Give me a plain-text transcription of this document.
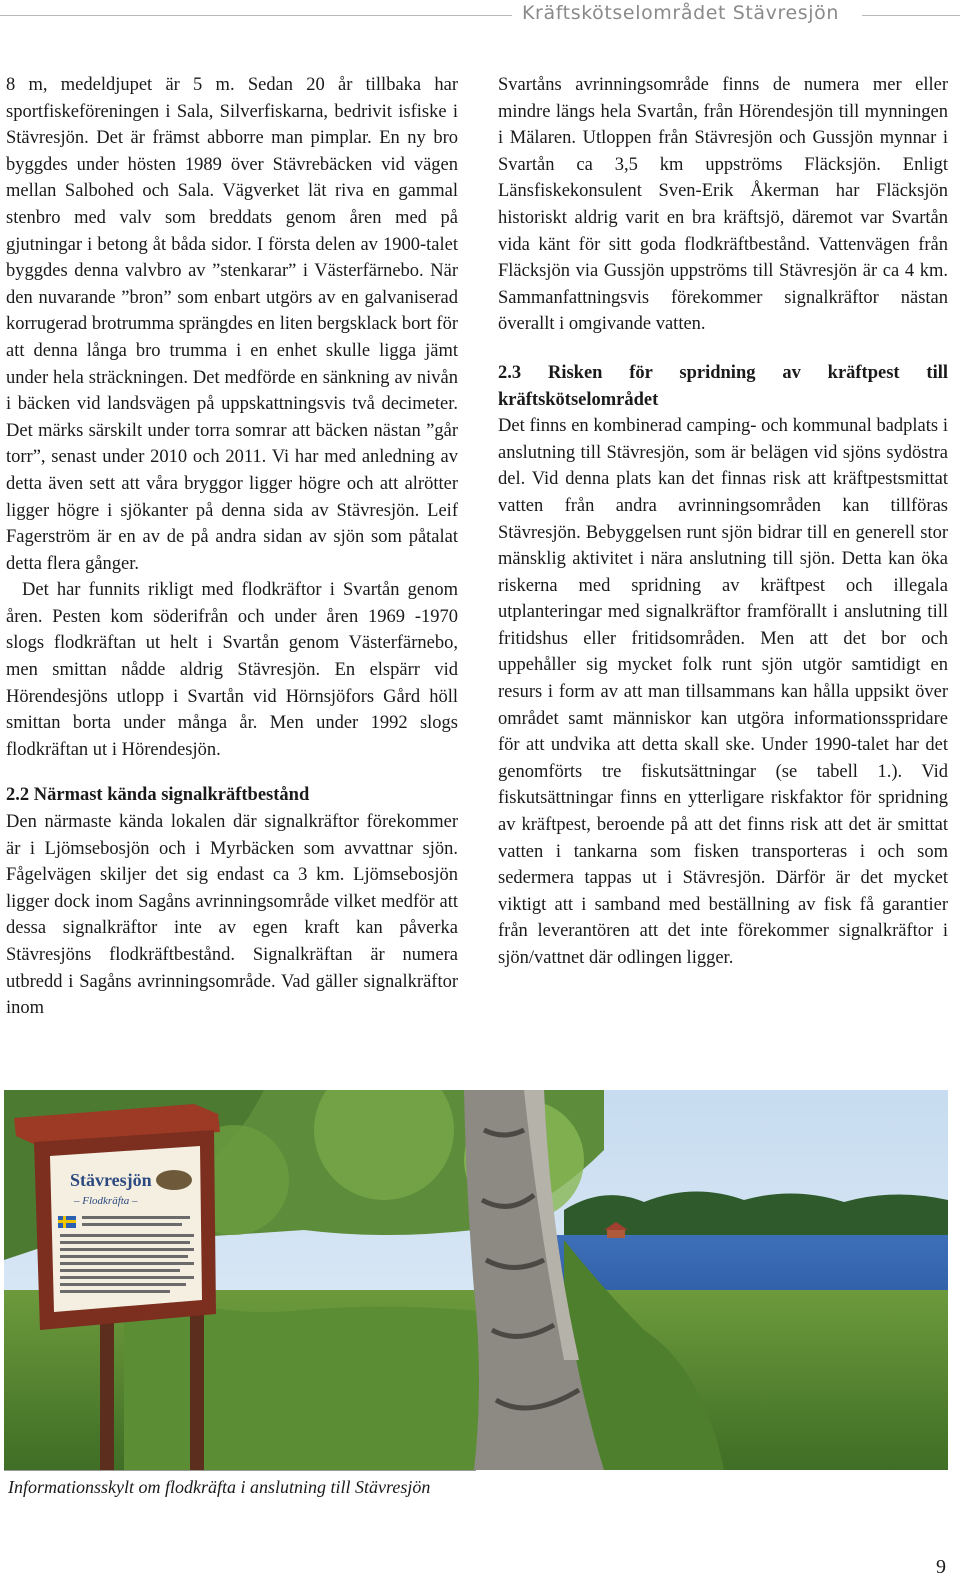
Kräftskötselområdet Stävresjön

8 m, medeldjupet är 5 m. Sedan 20 år tillbaka har sportfiskeföreningen i Sala, Silverfiskarna, bedrivit isfiske i Stävresjön. Det är främst abborre man pimplar. En ny bro byggdes under hösten 1989 över Stävrebäcken vid vägen mellan Salbohed och Sala. Vägverket lät riva en gammal stenbro med valv som breddats genom åren med på gjutningar i betong åt båda sidor. I första delen av 1900-talet byggdes denna valvbro av ”stenkarar” i Västerfärnebo. När den nuvarande ”bron” som enbart utgörs av en galvaniserad korrugerad brotrumma sprängdes en liten bergsklack bort för att denna långa bro trumma i en enhet skulle ligga jämt under hela sträckningen. Det medförde en sänkning av nivån i bäcken vid landsvägen på uppskattningsvis två decimeter. Det märks särskilt under torra somrar att bäcken nästan ”går torr”, senast under 2010 och 2011. Vi har med anledning av detta även sett att våra bryggor ligger högre och att alrötter ligger högre i sjökanter på denna sida av Stävresjön. Leif Fagerström är en av de på andra sidan av sjön som påtalat detta flera gånger.

Det har funnits rikligt med flodkräftor i Svartån genom åren. Pesten kom söderifrån och under åren 1969 -1970 slogs flodkräftan ut helt i Svartån genom Västerfärnebo, men smittan nådde aldrig Stävresjön. En elspärr vid Hörendesjöns utlopp i Svartån vid Hörnsjöfors Gård höll smittan borta under många år. Men under 1992 slogs flodkräftan ut i Hörendesjön.

2.2 Närmast kända signalkräftbestånd

Den närmaste kända lokalen där signalkräftor förekommer är i Ljömsebosjön och i Myrbäcken som avvattnar sjön. Fågelvägen skiljer det sig endast ca 3 km. Ljömsebosjön ligger dock inom Sagåns avrinningsområde vilket medför att dessa signalkräftor inte av egen kraft kan påverka Stävresjöns flodkräftbestånd. Signalkräftan är numera utbredd i Sagåns avrinningsområde. Vad gäller signalkräftor inom

Svartåns avrinningsområde finns de numera mer eller mindre längs hela Svartån, från Hörendesjön till mynningen i Mälaren. Utloppen från Stävresjön och Gussjön mynnar i Svartån ca 3,5 km uppströms Fläcksjön. Enligt Länsfiskekonsulent Sven-Erik Åkerman har Fläcksjön historiskt aldrig varit en bra kräftsjö, däremot var Svartån vida känt för sitt goda flodkräftbestånd. Vattenvägen från Fläcksjön via Gussjön uppströms till Stävresjön är ca 4 km. Sammanfattningsvis förekommer signalkräftor nästan överallt i omgivande vatten.

2.3 Risken för spridning av kräftpest till kräftskötselområdet

Det finns en kombinerad camping- och kommunal badplats i anslutning till Stävresjön, som är belägen vid sjöns sydöstra del. Vid denna plats kan det finnas risk att kräftpestsmittat vatten från andra avrinningsområden kan tillföras Stävresjön. Bebyggelsen runt sjön bidrar till en generell stor mänsklig aktivitet i nära anslutning till sjön. Detta kan öka riskerna med spridning av kräftpest och illegala utplanteringar med signalkräftor framförallt i anslutning till fritidshus eller fritidsområden. Men att det bor och uppehåller sig mycket folk runt sjön utgör samtidigt en resurs i form av att man tillsammans kan hålla uppsikt över området samt människor kan utgöra informationsspridare för att undvika att detta skall ske. Under 1990-talet har det genomförts tre fiskutsättningar (se tabell 1.). Vid fiskutsättningar finns en ytterligare riskfaktor för spridning av kräftpest, beroende på att det finns risk att det är smittat vatten i tankarna som fisken transporteras i och som sedermera tappas ut i Stävresjön. Därför är det mycket viktigt att i samband med beställning av fisk få garantier från leverantören att det inte förekommer signalkräftor i sjön/vattnet där odlingen ligger.

Stävresjön
– Flodkräfta –
Informationsskylt om flodkräfta i anslutning till Stävresjön
9
